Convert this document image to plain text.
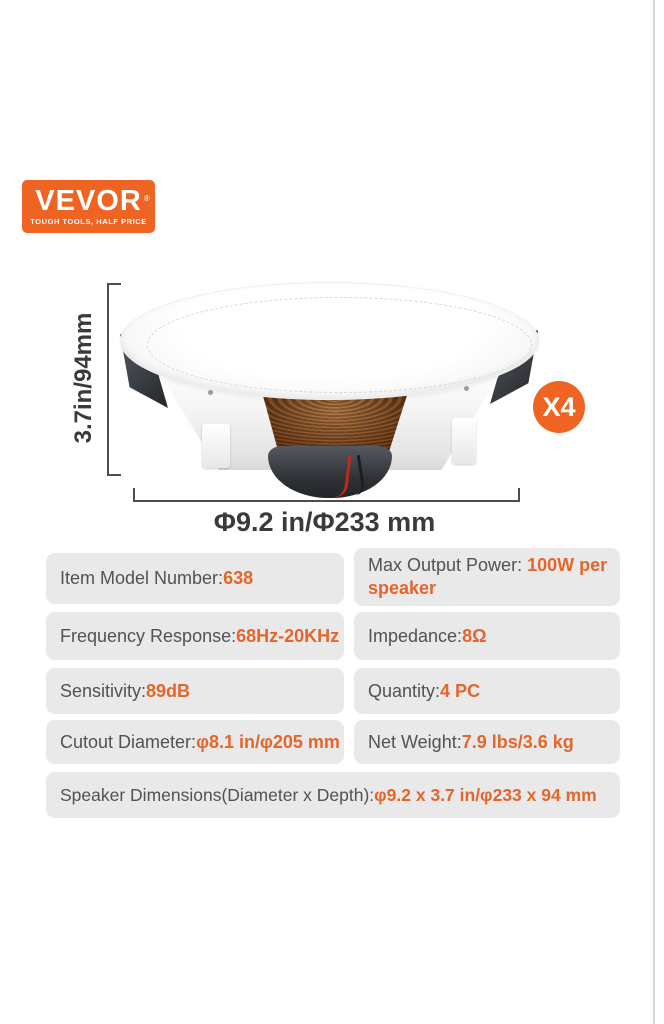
VEVOR ®
TOUGH TOOLS, HALF PRICE
X4
3.7in/94mm
Φ9.2 in/Φ233 mm
Item Model Number: 638
Max Output Power: 100W per speaker
Frequency Response: 68Hz-20KHz Impedance: 8Ω
Sensitivity: 89dB	Quantity: 4 PC
Cutout Diameter: φ8.1 in/φ205 mm Net Weight: 7.9 lbs/3.6 kg
Speaker Dimensions(Diameter x Depth): φ9.2 x 3.7 in/φ233 x 94 mm
